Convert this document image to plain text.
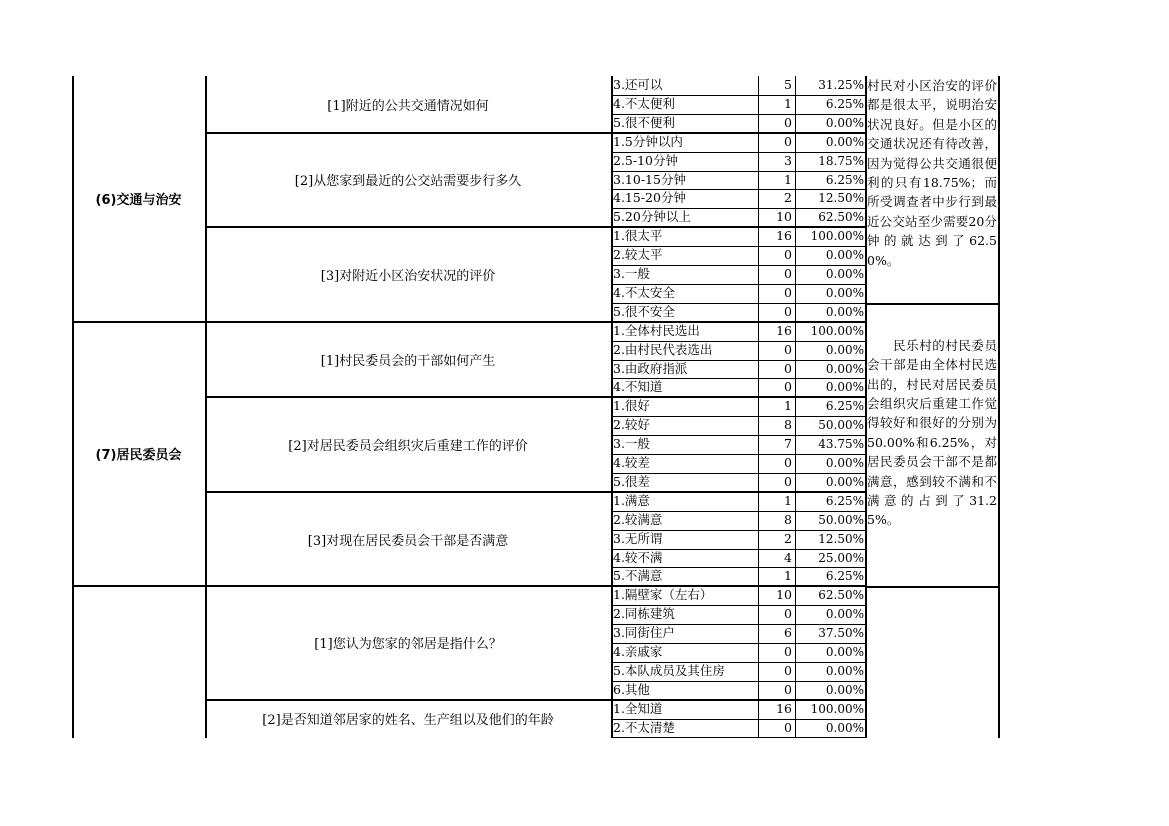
3.还可以	5	31.25%
4.不太便利	1	6.25%
5.很不便利	0	0.00%
[1]附近的公共交通情况如何
1.5分钟以内	0	0.00%
2.5-10分钟	3	18.75%
3.10-15分钟	1	6.25%
4.15-20分钟	2	12.50%
5.20分钟以上	10	62.50%
[2]从您家到最近的公交站需要步行多久
1.很太平	16	100.00%
2.较太平	0	0.00%
3.一般	0	0.00%
4.不太安全	0	0.00%
5.很不安全	0	0.00%
[3]对附近小区治安状况的评价
(6)交通与治安
1.全体村民选出	16	100.00%
2.由村民代表选出	0	0.00%
3.由政府指派	0	0.00%
4.不知道	0	0.00%
[1]村民委员会的干部如何产生
1.很好	1	6.25%
2.较好	8	50.00%
3.一般	7	43.75%
4.较差	0	0.00%
5.很差	0	0.00%
[2]对居民委员会组织灾后重建工作的评价
1.满意	1	6.25%
2.较满意	8	50.00%
3.无所谓	2	12.50%
4.较不满	4	25.00%
5.不满意	1	6.25%
[3]对现在居民委员会干部是否满意
(7)居民委员会
1.隔壁家（左右）	10	62.50%
2.同栋建筑	0	0.00%
3.同街住户	6	37.50%
4.亲戚家	0	0.00%
5.本队成员及其住房	0	0.00%
6.其他	0	0.00%
[1]您认为您家的邻居是指什么？
1.全知道	16	100.00%
2.不太清楚	0	0.00%
[2]是否知道邻居家的姓名、生产组以及他们的年龄
村民对小区治安的评价都是很太平，说明治安状况良好。但是小区的交通状况还有待改善，因为觉得公共交通很便利的只有18.75%；而所受调查者中步行到最近公交站至少需要20分钟的就达到了62.50%。
　　民乐村的村民委员会干部是由全体村民选出的，村民对居民委员会组织灾后重建工作觉得较好和很好的分别为50.00%和6.25%，对居民委员会干部不是都满意，感到较不满和不满意的占到了31.25%。
